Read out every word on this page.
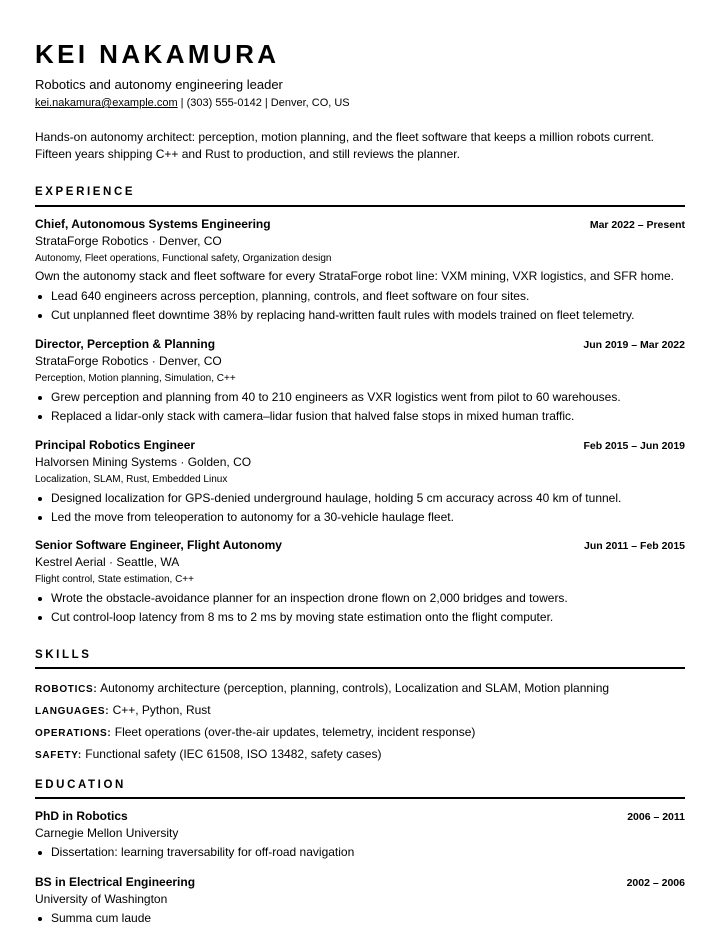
KEI NAKAMURA
Robotics and autonomy engineering leader
kei.nakamura@example.com | (303) 555-0142 | Denver, CO, US
Hands-on autonomy architect: perception, motion planning, and the fleet software that keeps a million robots current. Fifteen years shipping C++ and Rust to production, and still reviews the planner.
EXPERIENCE
Chief, Autonomous Systems Engineering	Mar 2022 – Present
StrataForge Robotics · Denver, CO
Autonomy, Fleet operations, Functional safety, Organization design
Own the autonomy stack and fleet software for every StrataForge robot line: VXM mining, VXR logistics, and SFR home.
Lead 640 engineers across perception, planning, controls, and fleet software on four sites.
Cut unplanned fleet downtime 38% by replacing hand-written fault rules with models trained on fleet telemetry.
Director, Perception & Planning	Jun 2019 – Mar 2022
StrataForge Robotics · Denver, CO
Perception, Motion planning, Simulation, C++
Grew perception and planning from 40 to 210 engineers as VXR logistics went from pilot to 60 warehouses.
Replaced a lidar-only stack with camera–lidar fusion that halved false stops in mixed human traffic.
Principal Robotics Engineer	Feb 2015 – Jun 2019
Halvorsen Mining Systems · Golden, CO
Localization, SLAM, Rust, Embedded Linux
Designed localization for GPS-denied underground haulage, holding 5 cm accuracy across 40 km of tunnel.
Led the move from teleoperation to autonomy for a 30-vehicle haulage fleet.
Senior Software Engineer, Flight Autonomy	Jun 2011 – Feb 2015
Kestrel Aerial · Seattle, WA
Flight control, State estimation, C++
Wrote the obstacle-avoidance planner for an inspection drone flown on 2,000 bridges and towers.
Cut control-loop latency from 8 ms to 2 ms by moving state estimation onto the flight computer.
SKILLS
ROBOTICS: Autonomy architecture (perception, planning, controls), Localization and SLAM, Motion planning
LANGUAGES: C++, Python, Rust
OPERATIONS: Fleet operations (over-the-air updates, telemetry, incident response)
SAFETY: Functional safety (IEC 61508, ISO 13482, safety cases)
EDUCATION
PhD in Robotics	2006 – 2011
Carnegie Mellon University
Dissertation: learning traversability for off-road navigation
BS in Electrical Engineering	2002 – 2006
University of Washington
Summa cum laude
